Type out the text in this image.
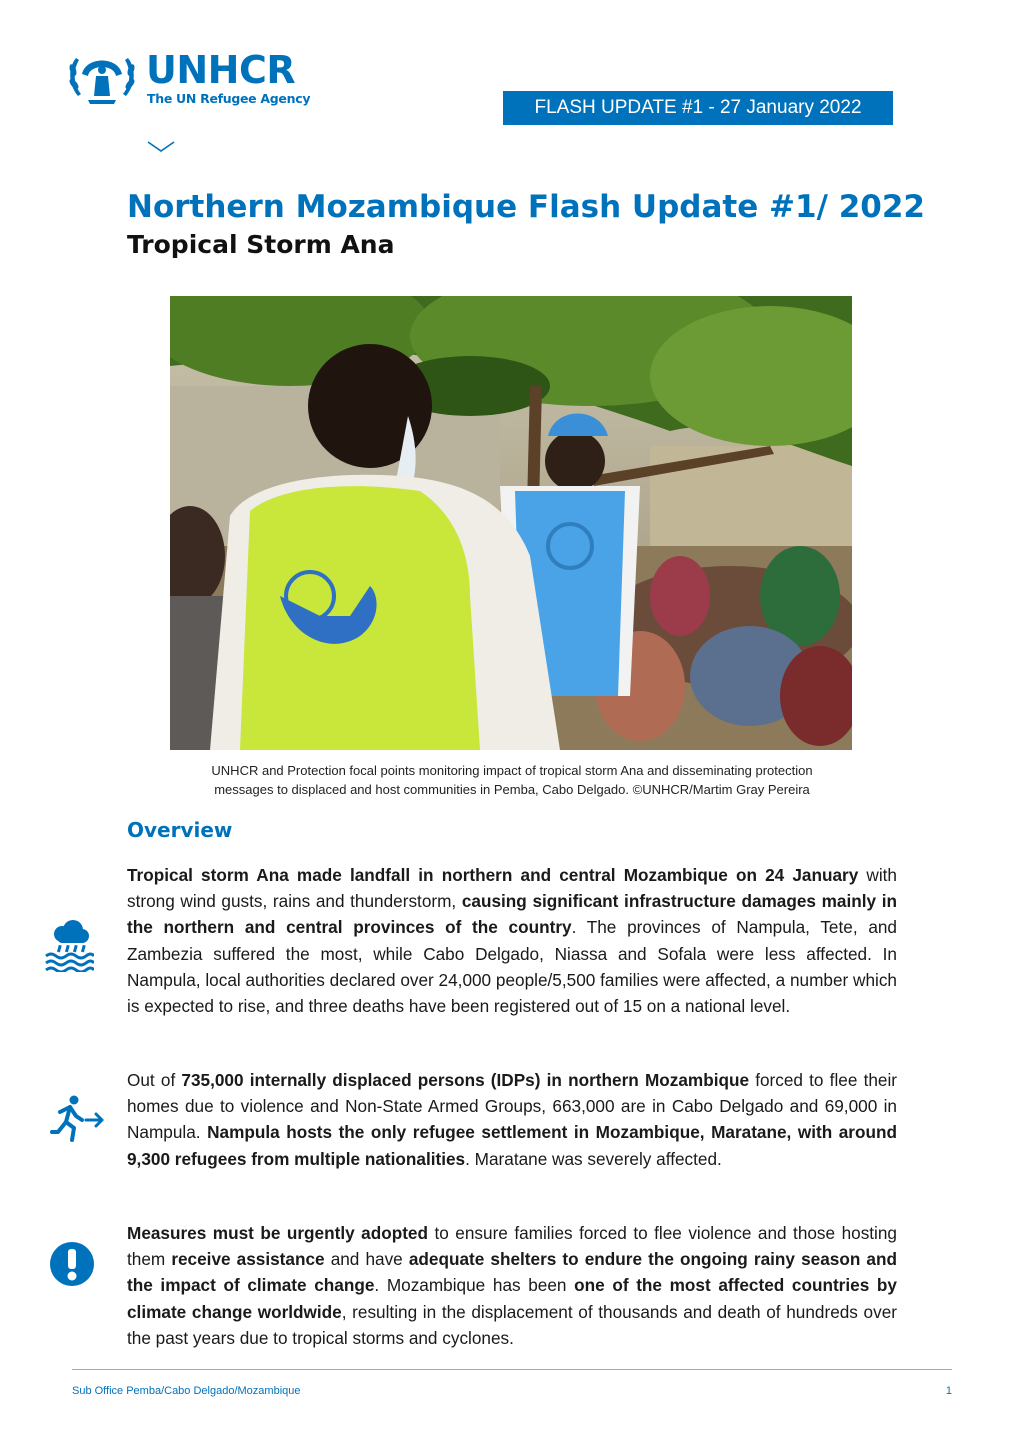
UNHCR
The UN Refugee Agency	FLASH UPDATE #1 - 27 January 2022
Northern Mozambique Flash Update #1/ 2022
Tropical Storm Ana
UNHCR and Protection focal points monitoring impact of tropical storm Ana and disseminating protection
messages to displaced and host communities in Pemba, Cabo Delgado. ©UNHCR/Martim Gray Pereira
Overview
Tropical storm Ana made landfall in northern and central Mozambique on 24 January with strong wind gusts, rains and thunderstorm, causing significant infrastructure damages mainly in the northern and central provinces of the country. The provinces of Nampula, Tete, and Zambezia suffered the most, while Cabo Delgado, Niassa and Sofala were less affected. In Nampula, local authorities declared over 24,000 people/5,500 families were affected, a number which is expected to rise, and three deaths have been registered out of 15 on a national level.
Out of 735,000 internally displaced persons (IDPs) in northern Mozambique forced to flee their homes due to violence and Non-State Armed Groups, 663,000 are in Cabo Delgado and 69,000 in Nampula. Nampula hosts the only refugee settlement in Mozambique, Maratane, with around 9,300 refugees from multiple nationalities. Maratane was severely affected.
Measures must be urgently adopted to ensure families forced to flee violence and those hosting them receive assistance and have adequate shelters to endure the ongoing rainy season and the impact of climate change. Mozambique has been one of the most affected countries by climate change worldwide, resulting in the displacement of thousands and death of hundreds over the past years due to tropical storms and cyclones.
Sub Office Pemba/Cabo Delgado/Mozambique	1
